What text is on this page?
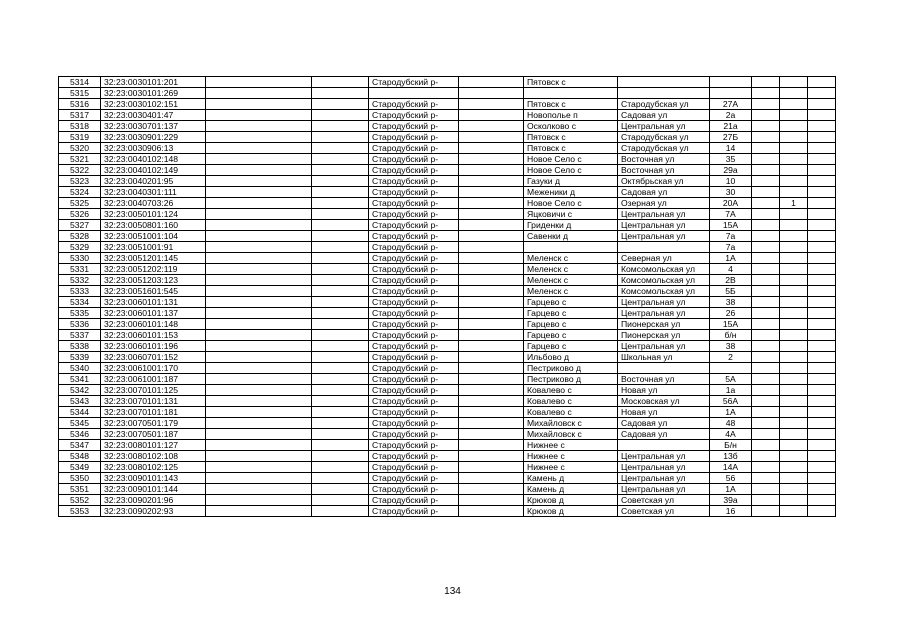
5314	32:23:0030101:201			Стародубский р-		Пятовск с					
5315	32:23:0030101:269										
5316	32:23:0030102:151			Стародубский р-		Пятовск с	Стародубская ул	27А			
5317	32:23:0030401:47			Стародубский р-		Новополье п	Садовая ул	2а			
5318	32:23:0030701:137			Стародубский р-		Осколково с	Центральная ул	21а			
5319	32:23:0030901:229			Стародубский р-		Пятовск с	Стародубская ул	27Б			
5320	32:23:0030906:13			Стародубский р-		Пятовск с	Стародубская ул	14			
5321	32:23:0040102:148			Стародубский р-		Новое Село с	Восточная ул	35			
5322	32:23:0040102:149			Стародубский р-		Новое Село с	Восточная ул	29а			
5323	32:23:0040201:95			Стародубский р-		Газуки д	Октябрьская ул	10			
5324	32:23:0040301:111			Стародубский р-		Меженики д	Садовая ул	30			
5325	32:23:0040703:26			Стародубский р-		Новое Село с	Озерная ул	20А		1	
5326	32:23:0050101:124			Стародубский р-		Яцковичи с	Центральная ул	7А			
5327	32:23:0050801:160			Стародубский р-		Гриденки д	Центральная ул	15А			
5328	32:23:0051001:104			Стародубский р-		Савенки д	Центральная ул	7а			
5329	32:23:0051001:91			Стародубский р-				7а			
5330	32:23:0051201:145			Стародубский р-		Меленск с	Северная ул	1А			
5331	32:23:0051202:119			Стародубский р-		Меленск с	Комсомольская ул	4			
5332	32:23:0051203:123			Стародубский р-		Меленск с	Комсомольская ул	2В			
5333	32:23:0051601:545			Стародубский р-		Меленск с	Комсомольская ул	5Б			
5334	32:23:0060101:131			Стародубский р-		Гарцево с	Центральная ул	38			
5335	32:23:0060101:137			Стародубский р-		Гарцево с	Центральная ул	26			
5336	32:23:0060101:148			Стародубский р-		Гарцево с	Пионерская ул	15А			
5337	32:23:0060101:153			Стародубский р-		Гарцево с	Пионерская ул	б/н			
5338	32:23:0060101:196			Стародубский р-		Гарцево с	Центральная ул	38			
5339	32:23:0060701:152			Стародубский р-		Ильбово д	Школьная ул	2			
5340	32:23:0061001:170			Стародубский р-		Пестриково д					
5341	32:23:0061001:187			Стародубский р-		Пестриково д	Восточная ул	5А			
5342	32:23:0070101:125			Стародубский р-		Ковалево с	Новая ул	1а			
5343	32:23:0070101:131			Стародубский р-		Ковалево с	Московская ул	56А			
5344	32:23:0070101:181			Стародубский р-		Ковалево с	Новая ул	1А			
5345	32:23:0070501:179			Стародубский р-		Михайловск с	Садовая ул	48			
5346	32:23:0070501:187			Стародубский р-		Михайловск с	Садовая ул	4А			
5347	32:23:0080101:127			Стародубский р-		Нижнее с		Б/н			
5348	32:23:0080102:108			Стародубский р-		Нижнее с	Центральная ул	13б			
5349	32:23:0080102:125			Стародубский р-		Нижнее с	Центральная ул	14А			
5350	32:23:0090101:143			Стародубский р-		Камень д	Центральная ул	56			
5351	32:23:0090101:144			Стародубский р-		Камень д	Центральная ул	1А			
5352	32:23:0090201:96			Стародубский р-		Крюков д	Советская ул	39а			
5353	32:23:0090202:93			Стародубский р-		Крюков д	Советская ул	16			
134
